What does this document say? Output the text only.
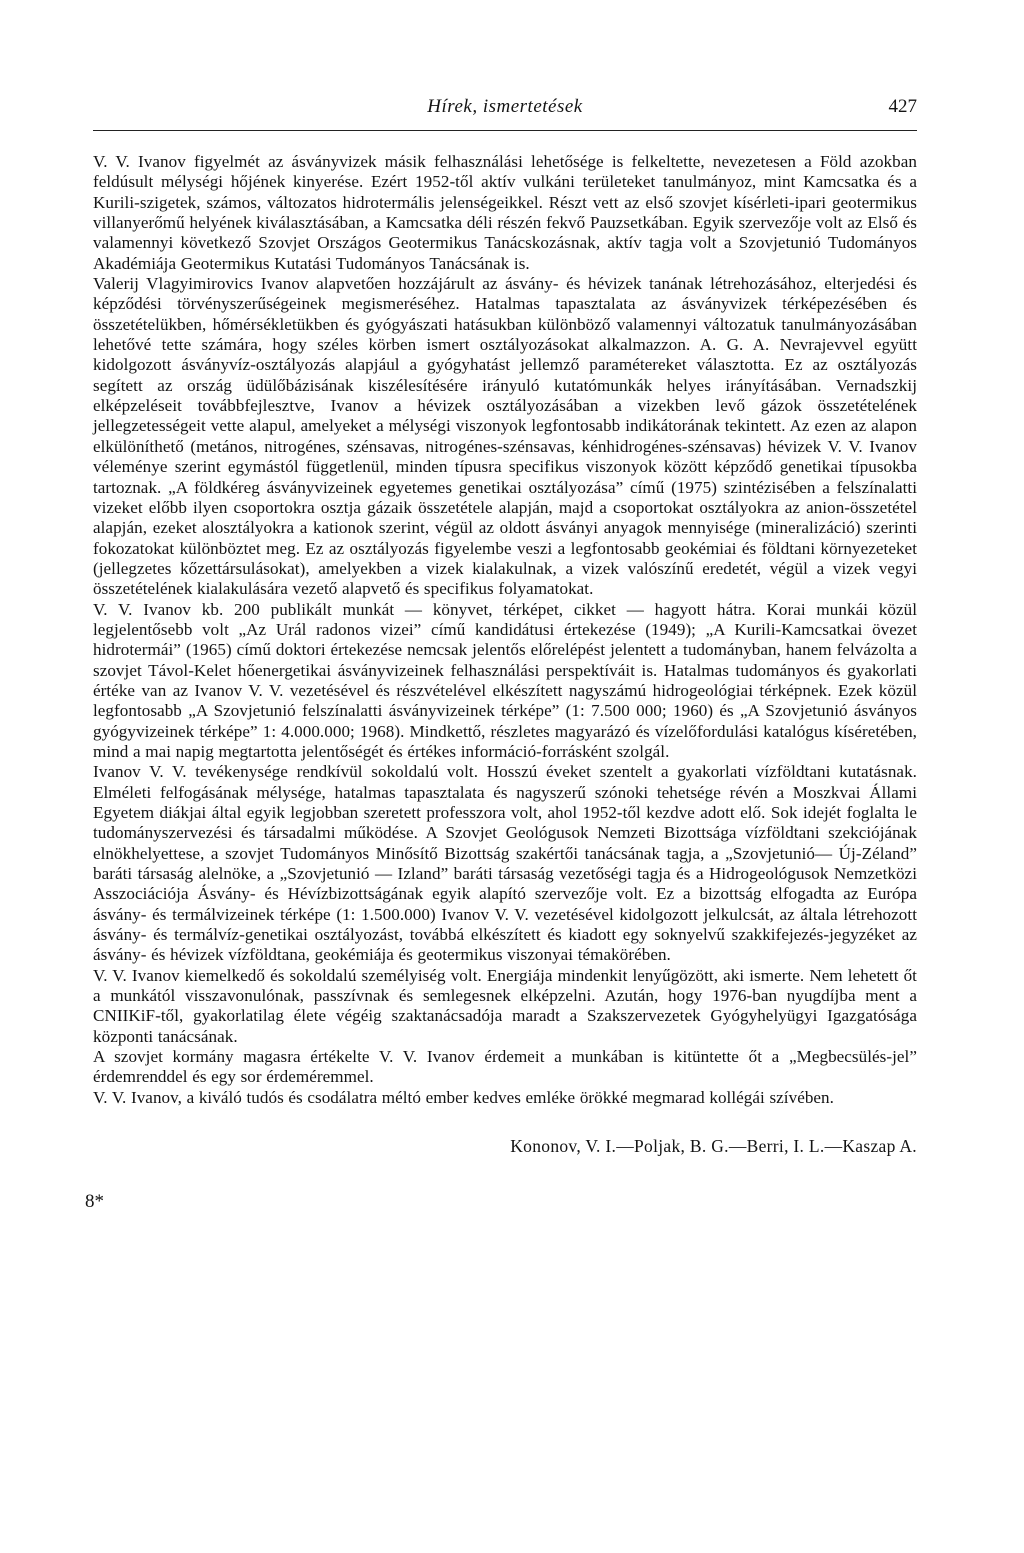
Hírek, ismertetések	427

V. V. Ivanov figyelmét az ásványvizek másik felhasználási lehetősége is felkeltette, nevezetesen a Föld azokban feldúsult mélységi hőjének kinyerése. Ezért 1952-től aktív vulkáni területeket tanulmányoz, mint Kamcsatka és a Kurili-szigetek, számos, változatos hidrotermális jelenségeikkel. Részt vett az első szovjet kísérleti-ipari geotermikus villanyerőmű helyének kiválasztásában, a Kamcsatka déli részén fekvő Pauzsetkában. Egyik szervezője volt az Első és valamennyi következő Szovjet Országos Geotermikus Tanácskozásnak, aktív tagja volt a Szovjetunió Tudományos Akadémiája Geotermikus Kutatási Tudományos Tanácsának is.

Valerij Vlagyimirovics Ivanov alapvetően hozzájárult az ásvány- és hévizek tanának létrehozásához, elterjedési és képződési törvényszerűségeinek megismeréséhez. Hatalmas tapasztalata az ásványvizek térképezésében és összetételükben, hőmérsékletükben és gyógyászati hatásukban különböző valamennyi változatuk tanulmányozásában lehetővé tette számára, hogy széles körben ismert osztályozásokat alkalmazzon. A. G. A. Nevrajevvel együtt kidolgozott ásványvíz-osztályozás alapjául a gyógyhatást jellemző paramétereket választotta. Ez az osztályozás segített az ország üdülőbázisának kiszélesítésére irányuló kutatómunkák helyes irányításában. Vernadszkij elképzeléseit továbbfejlesztve, Ivanov a hévizek osztályozásában a vizekben levő gázok összetételének jellegzetességeit vette alapul, amelyeket a mélységi viszonyok legfontosabb indikátorának tekintett. Az ezen az alapon elkülöníthető (metános, nitrogénes, szénsavas, nitrogénes-szénsavas, kénhidrogénes-szénsavas) hévizek V. V. Ivanov véleménye szerint egymástól függetlenül, minden típusra specifikus viszonyok között képződő genetikai típusokba tartoznak. „A földkéreg ásványvizeinek egyetemes genetikai osztályozása” című (1975) szintézisében a felszínalatti vizeket előbb ilyen csoportokra osztja gázaik összetétele alapján, majd a csoportokat osztályokra az anion-összetétel alapján, ezeket alosztályokra a kationok szerint, végül az oldott ásványi anyagok mennyisége (mineralizáció) szerinti fokozatokat különböztet meg. Ez az osztályozás figyelembe veszi a legfontosabb geokémiai és földtani környezeteket (jellegzetes kőzettársulásokat), amelyekben a vizek kialakulnak, a vizek valószínű eredetét, végül a vizek vegyi összetételének kialakulására vezető alapvető és specifikus folyamatokat.

V. V. Ivanov kb. 200 publikált munkát — könyvet, térképet, cikket — hagyott hátra. Korai munkái közül legjelentősebb volt „Az Urál radonos vizei” című kandidátusi értekezése (1949); „A Kurili-Kamcsatkai övezet hidrotermái” (1965) című doktori értekezése nemcsak jelentős előrelépést jelentett a tudományban, hanem felvázolta a szovjet Távol-Kelet hőenergetikai ásványvizeinek felhasználási perspektíváit is. Hatalmas tudományos és gyakorlati értéke van az Ivanov V. V. vezetésével és részvételével elkészített nagyszámú hidrogeológiai térképnek. Ezek közül legfontosabb „A Szovjetunió felszínalatti ásványvizeinek térképe” (1: 7.500 000; 1960) és „A Szovjetunió ásványos gyógyvizeinek térképe” 1: 4.000.000; 1968). Mindkettő, részletes magyarázó és vízelőfordulási katalógus kíséretében, mind a mai napig megtartotta jelentőségét és értékes információ-forrásként szolgál.

Ivanov V. V. tevékenysége rendkívül sokoldalú volt. Hosszú éveket szentelt a gyakorlati vízföldtani kutatásnak. Elméleti felfogásának mélysége, hatalmas tapasztalata és nagyszerű szónoki tehetsége révén a Moszkvai Állami Egyetem diákjai által egyik legjobban szeretett professzora volt, ahol 1952-től kezdve adott elő. Sok idejét foglalta le tudományszervezési és társadalmi működése. A Szovjet Geológusok Nemzeti Bizottsága vízföldtani szekciójának elnökhelyettese, a szovjet Tudományos Minősítő Bizottság szakértői tanácsának tagja, a „Szovjetunió— Új-Zéland” baráti társaság alelnöke, a „Szovjetunió — Izland” baráti társaság vezetőségi tagja és a Hidrogeológusok Nemzetközi Asszociációja Ásvány- és Hévízbizottságának egyik alapító szervezője volt. Ez a bizottság elfogadta az Európa ásvány- és termálvizeinek térképe (1: 1.500.000) Ivanov V. V. vezetésével kidolgozott jelkulcsát, az általa létrehozott ásvány- és termálvíz-genetikai osztályozást, továbbá elkészített és kiadott egy soknyelvű szakkifejezés-jegyzéket az ásvány- és hévizek vízföldtana, geokémiája és geotermikus viszonyai témakörében.

V. V. Ivanov kiemelkedő és sokoldalú személyiség volt. Energiája mindenkit lenyűgözött, aki ismerte. Nem lehetett őt a munkától visszavonulónak, passzívnak és semlegesnek elképzelni. Azután, hogy 1976-ban nyugdíjba ment a CNIIKiF-től, gyakorlatilag élete végéig szaktanácsadója maradt a Szakszervezetek Gyógyhelyügyi Igazgatósága központi tanácsának.

A szovjet kormány magasra értékelte V. V. Ivanov érdemeit a munkában is kitüntette őt a „Megbecsülés-jel” érdemrenddel és egy sor érdeméremmel.

V. V. Ivanov, a kiváló tudós és csodálatra méltó ember kedves emléke örökké megmarad kollégái szívében.

Kononov, V. I.—Poljak, B. G.—Berri, I. L.—Kaszap A.
8*
